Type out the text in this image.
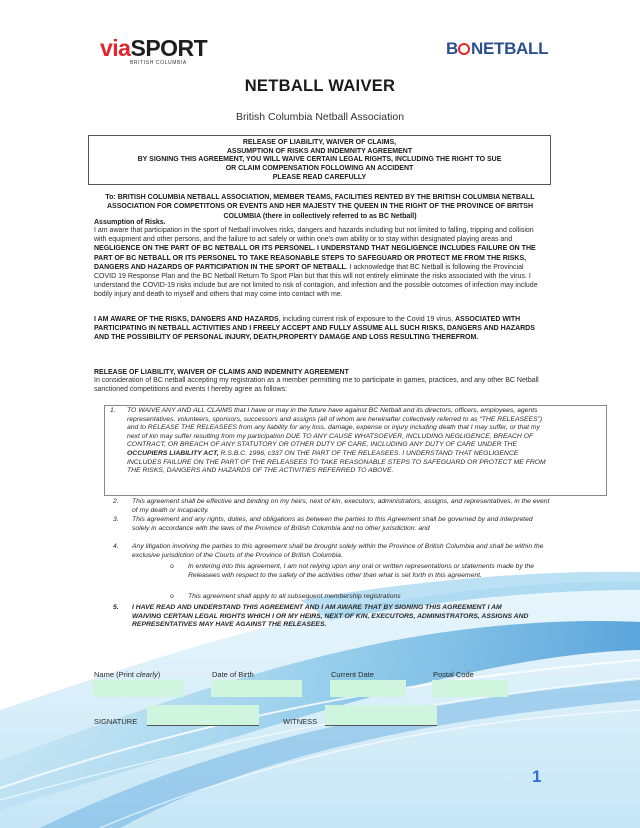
viaSPORT
BRITISH COLUMBIA
B NETBALL
NETBALL WAIVER
British Columbia Netball Association
RELEASE OF LIABILITY, WAIVER OF CLAIMS,
ASSUMPTION OF RISKS AND INDEMNITY AGREEMENT
BY SIGNING THIS AGREEMENT, YOU WILL WAIVE CERTAIN LEGAL RIGHTS, INCLUDING THE RIGHT TO SUE
OR CLAIM COMPENSATION FOLLOWING AN ACCIDENT
PLEASE READ CAREFULLY
To: BRITISH COLUMBIA NETBALL ASSOCIATION, MEMBER TEAMS, FACILITIES RENTED BY THE BRITISH COLUMBIA NETBALL ASSOCIATION FOR COMPETITONS OR EVENTS AND HER MAJESTY THE QUEEN IN THE RIGHT OF THE PROVINCE OF BRITSH COLUMBIA (there in collectively referred to as BC Netball)
Assumption of Risks.
I am aware that participation in the sport of Netball involves risks, dangers and hazards including but not limited to falling, tripping and collision with equipment and other persons, and the failure to act safely or within one's own ability or to stay within designated playing areas and NEGLIGENCE ON THE PART OF BC NETBALL OR ITS PERSONEL. I UNDERSTAND THAT NEGLIGENCE INCLUDES FAILURE ON THE PART OF BC NETBALL OR ITS PERSONEL TO TAKE REASONABLE STEPS TO SAFEGUARD OR PROTECT ME FROM THE RISKS, DANGERS AND HAZARDS OF PARTICIPATION IN THE SPORT OF NETBALL. I acknowledge that BC Netball is following the Provincial COVID 19 Response Plan and the BC Netball Return To Sport Plan but that this will not entirely eliminate the risks associated with the virus. I understand the COVID-19 risks include but are not limited to risk of contagion, and infection and the possible outcomes of infection may include bodily injury and death to myself and others that may come into contact with me.
I AM AWARE OF THE RISKS, DANGERS AND HAZARDS, including current risk of exposure to the Covid 19 virus, ASSOCIATED WITH PARTICIPATING IN NETBALL ACTIVITIES AND I FREELY ACCEPT AND FULLY ASSUME ALL SUCH RISKS, DANGERS AND HAZARDS AND THE POSSIBILITY OF PERSONAL INJURY, DEATH,PROPERTY DAMAGE AND LOSS RESULTING THEREFROM.
RELEASE OF LIABILITY, WAIVER OF CLAIMS AND INDEMNITY AGREEMENT
In consideration of BC netball accepting my registration as a member permitting me to participate in games, practices, and any other BC Netball sanctioned competitions and events I hereby agree as follows:
1. TO WAIVE ANY AND ALL CLAIMS that I have or may in the future have against BC Netball and its directors, officers, employees, agents representatives, volunteers, sponsors, successors and assigns (all of whom are hereinafter collectively referred to as “THE RELEASEES”) and to RELEASE THE RELEASEES from any liability for any loss, damage, expense or injury including death that I may suffer, or that my next of kin may suffer resulting from my participation DUE TO ANY CAUSE WHATSOEVER, INCLUDING NEGLIGENCE, BREACH OF CONTRACT, OR BREACH OF ANY STATUTORY OR OTHER DUTY OF CARE, INCLUDING ANY DUTY OF CARE UNDER THE OCCUPIERS LIABILITY ACT, R.S.B.C. 1996, c337 ON THE PART OF THE RELEASEES. I UNDERSTAND THAT NEGLIGENCE INCLUDES FAILURE ON THE PART OF THE RELEASEES TO TAKE REASONABLE STEPS TO SAFEGUARD OR PROTECT ME FROM THE RISKS, DANGERS AND HAZARDS OF THE ACTIVITIES REFERRED TO ABOVE.
2. This agreement shall be effective and binding on my heirs, next of kin, executors, administrators, assigns, and representatives, in the event of my death or incapacity.
3. This agreement and any rights, duties, and obligations as between the parties to this Agreement shall be governed by and interpreted solely in accordance with the laws of the Province of British Columbia and no other jurisdiction: and
4. Any litigation involving the parties to this agreement shall be brought solely within the Province of British Columbia and shall be within the exclusive jurisdiction of the Courts of the Province of British Columbia.
o In entering into this agreement, I am not relying upon any oral or written representations or statements made by the Releasees with respect to the safety of the activities other than what is set forth in this agreement.
o This agreement shall apply to all subsequent membership registrations
5. I HAVE READ AND UNDERSTAND THIS AGREEMENT AND I AM AWARE THAT BY SIGNING THIS AGREEMENT I AM WAIVING CERTAIN LEGAL RIGHTS WHICH I OR MY HEIRS, NEXT OF KIN, EXECUTORS, ADMINISTRATORS, ASSIGNS AND REPRESENTATIVES MAY HAVE AGAINST THE RELEASEES.
Name (Print clearly)	Date of Birth	Current Date	Postal Code
SIGNATURE	WITNESS
1
